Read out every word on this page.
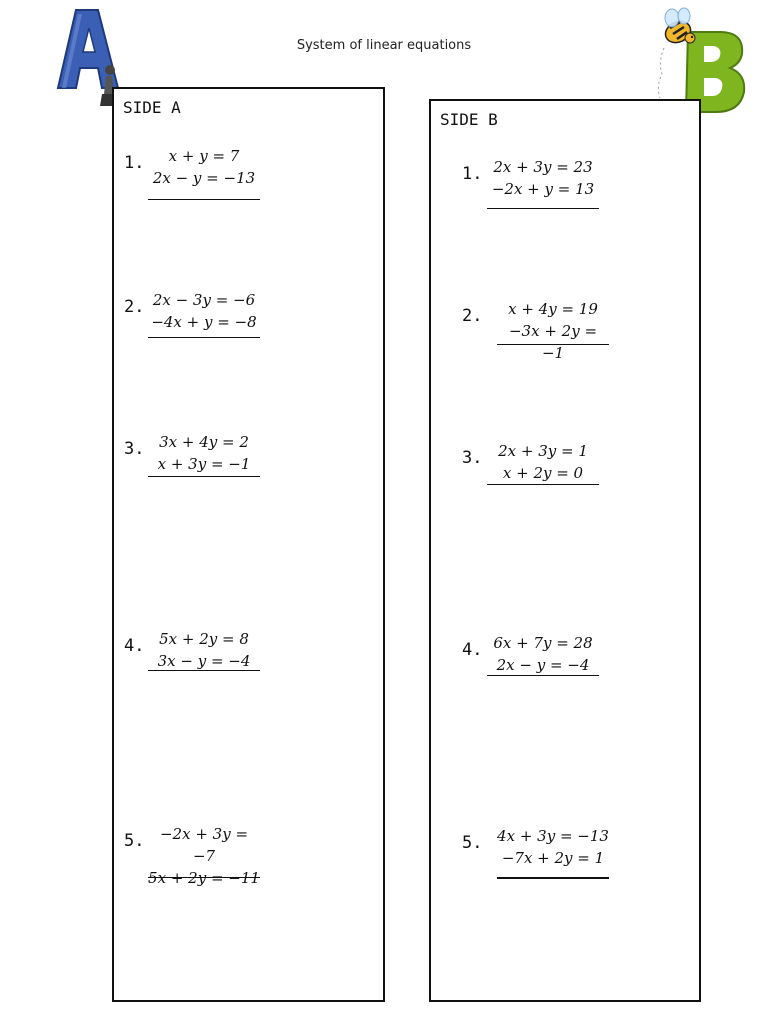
System of linear equations
SIDE A
1.	x + y = 7
2x − y = −13
2. 2x − 3y = −6
−4x + y = −8
3. 3x + 4y = 2
x + 3y = −1
4. 5x + 2y = 8
3x − y = −4
5.	−2x + 3y = −7
5x + 2y = −11
SIDE B
1. 2x + 3y = 23
−2x + y = 13
2.	x + 4y = 19
−3x + 2y = −1
3.	2x + 3y = 1
x + 2y = 0
4. 6x + 7y = 28
2x − y = −4
5. 4x + 3y = −13
−7x + 2y = 1
